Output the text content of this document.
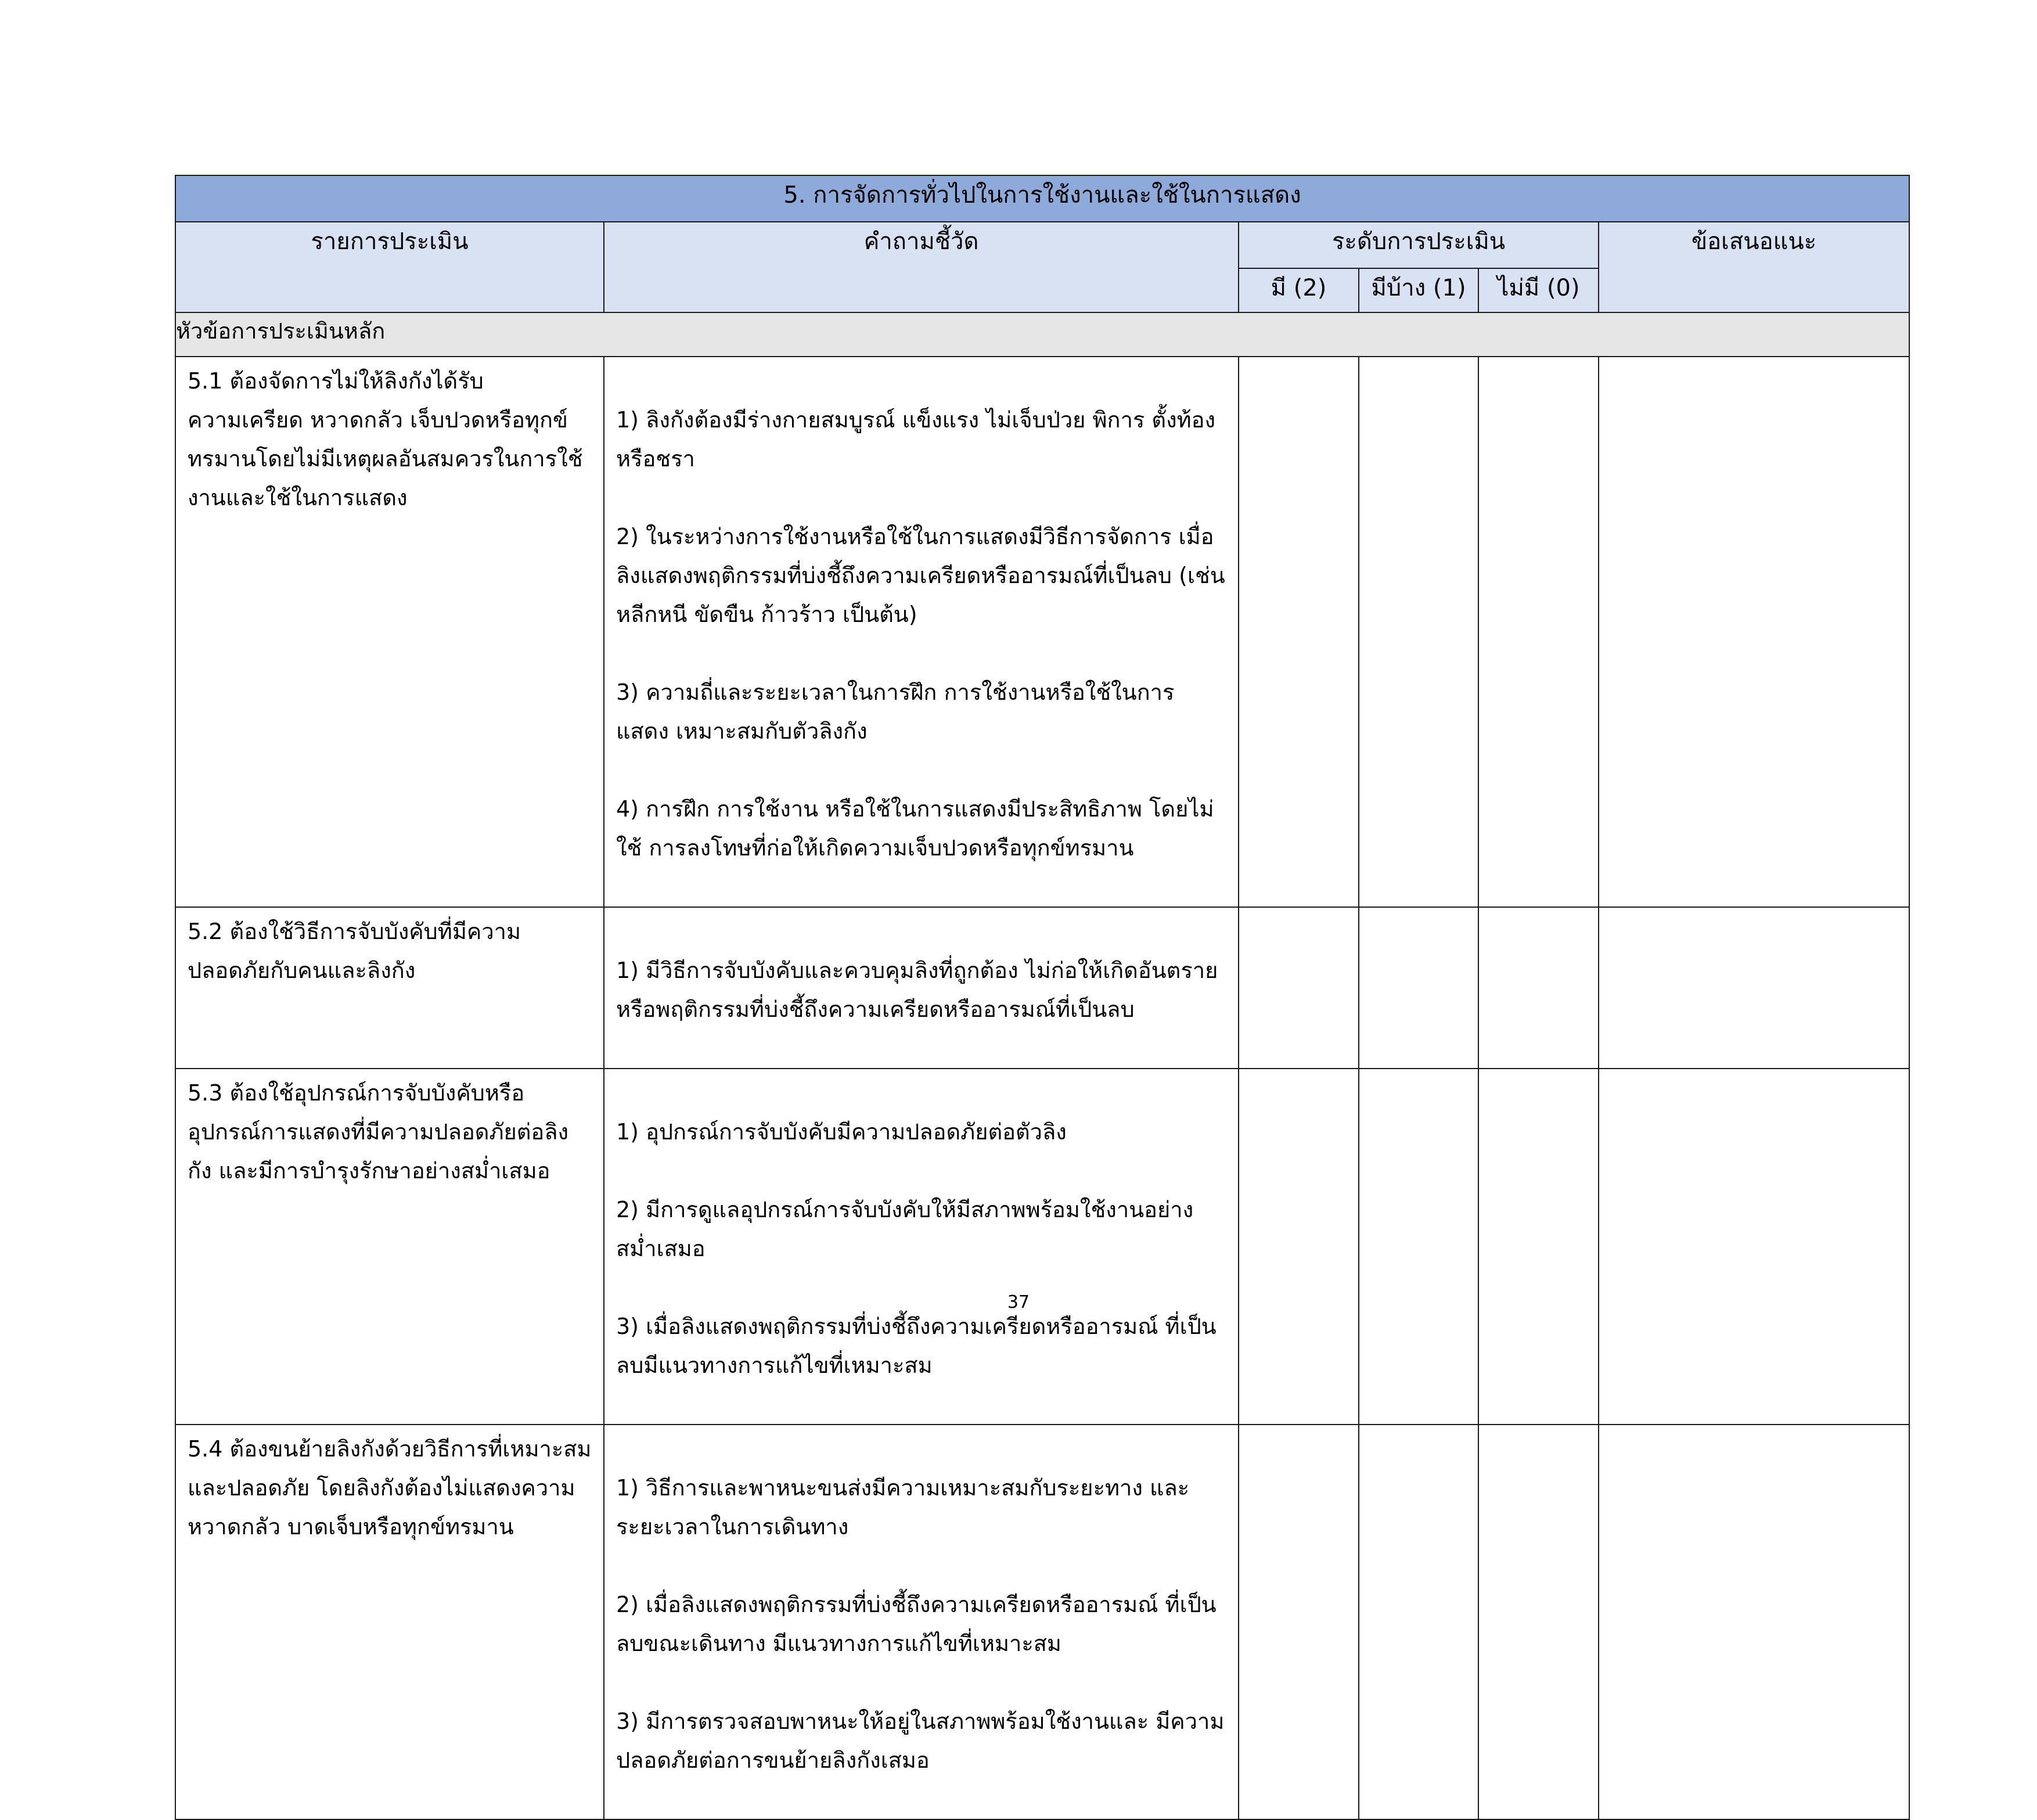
5. การจัดการทั่วไปในการใช้งานและใช้ในการแสดง					
รายการประเมิน	คำถามชี้วัด	ระดับการประเมิน			ข้อเสนอแนะ
		มี (2)	มีบ้าง (1)	ไม่มี (0)	
หัวข้อการประเมินหลัก					

5.1 ต้องจัดการไม่ให้ลิงกังได้รับความเครียด หวาดกลัว เจ็บปวดหรือทุกข์ทรมานโดยไม่มีเหตุผลอันสมควรในการใช้งานและใช้ในการแสดง	1) ลิงกังต้องมีร่างกายสมบูรณ์ แข็งแรง ไม่เจ็บป่วย พิการ ตั้งท้อง หรือชรา

2) ในระหว่างการใช้งานหรือใช้ในการแสดงมีวิธีการจัดการ เมื่อลิงแสดงพฤติกรรมที่บ่งชี้ถึงความเครียดหรืออารมณ์ที่เป็นลบ (เช่นหลีกหนี ขัดขืน ก้าวร้าว เป็นต้น)

3) ความถี่และระยะเวลาในการฝึก การใช้งานหรือใช้ในการแสดง เหมาะสมกับตัวลิงกัง

4) การฝึก การใช้งาน หรือใช้ในการแสดงมีประสิทธิภาพ โดยไม่ใช้ การลงโทษที่ก่อให้เกิดความเจ็บปวดหรือทุกข์ทรมาน				

5.2 ต้องใช้วิธีการจับบังคับที่มีความปลอดภัยกับคนและลิงกัง	1) มีวิธีการจับบังคับและควบคุมลิงที่ถูกต้อง ไม่ก่อให้เกิดอันตราย หรือพฤติกรรมที่บ่งชี้ถึงความเครียดหรืออารมณ์ที่เป็นลบ				

5.3 ต้องใช้อุปกรณ์การจับบังคับหรืออุปกรณ์การแสดงที่มีความปลอดภัยต่อลิงกัง และมีการบำรุงรักษาอย่างสม่ำเสมอ	1) อุปกรณ์การจับบังคับมีความปลอดภัยต่อตัวลิง

2) มีการดูแลอุปกรณ์การจับบังคับให้มีสภาพพร้อมใช้งานอย่าง สม่ำเสมอ

3) เมื่อลิงแสดงพฤติกรรมที่บ่งชี้ถึงความเครียดหรืออารมณ์ ที่เป็นลบมีแนวทางการแก้ไขที่เหมาะสม				

5.4 ต้องขนย้ายลิงกังด้วยวิธีการที่เหมาะสมและปลอดภัย โดยลิงกังต้องไม่แสดงความหวาดกลัว บาดเจ็บหรือทุกข์ทรมาน	1) วิธีการและพาหนะขนส่งมีความเหมาะสมกับระยะทาง และระยะเวลาในการเดินทาง

2) เมื่อลิงแสดงพฤติกรรมที่บ่งชี้ถึงความเครียดหรืออารมณ์ ที่เป็นลบขณะเดินทาง มีแนวทางการแก้ไขที่เหมาะสม

3) มีการตรวจสอบพาหนะให้อยู่ในสภาพพร้อมใช้งานและ มีความปลอดภัยต่อการขนย้ายลิงกังเสมอ				

37
